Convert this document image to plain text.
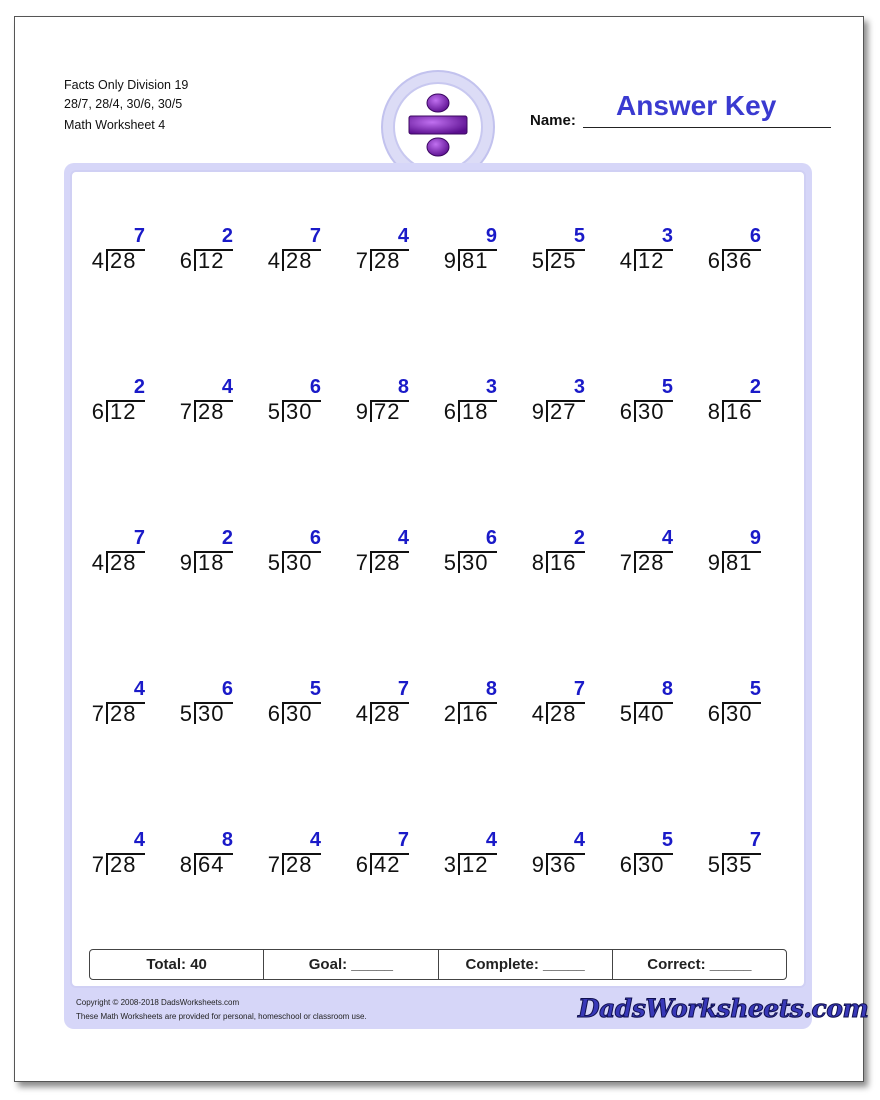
Facts Only Division 19
28/7, 28/4, 30/6, 30/5
Math Worksheet 4	Name: Answer Key
7
4 28
2
6 12
7
4 28
4
7 28
9
9 81
5
5 25
3
4 12
6
6 36
2
6 12
4
7 28
6
5 30
8
9 72
3
6 18
3
9 27
5
6 30
2
8 16
7
4 28
2
9 18
6
5 30
4
7 28
6
5 30
2
8 16
4
7 28
9
9 81
4
7 28
6
5 30
5
6 30
7
4 28
8
2 16
7
4 28
8
5 40
5
6 30
4
7 28
8
8 64
4
7 28
7
6 42
4
3 12
4
9 36
5
6 30
7
5 35
Total: 40	Goal: _____	Complete: _____	Correct: _____
Copyright © 2008-2018 DadsWorksheets.com
These Math Worksheets are provided for personal, homeschool or classroom use.	DadsWorksheets.com
